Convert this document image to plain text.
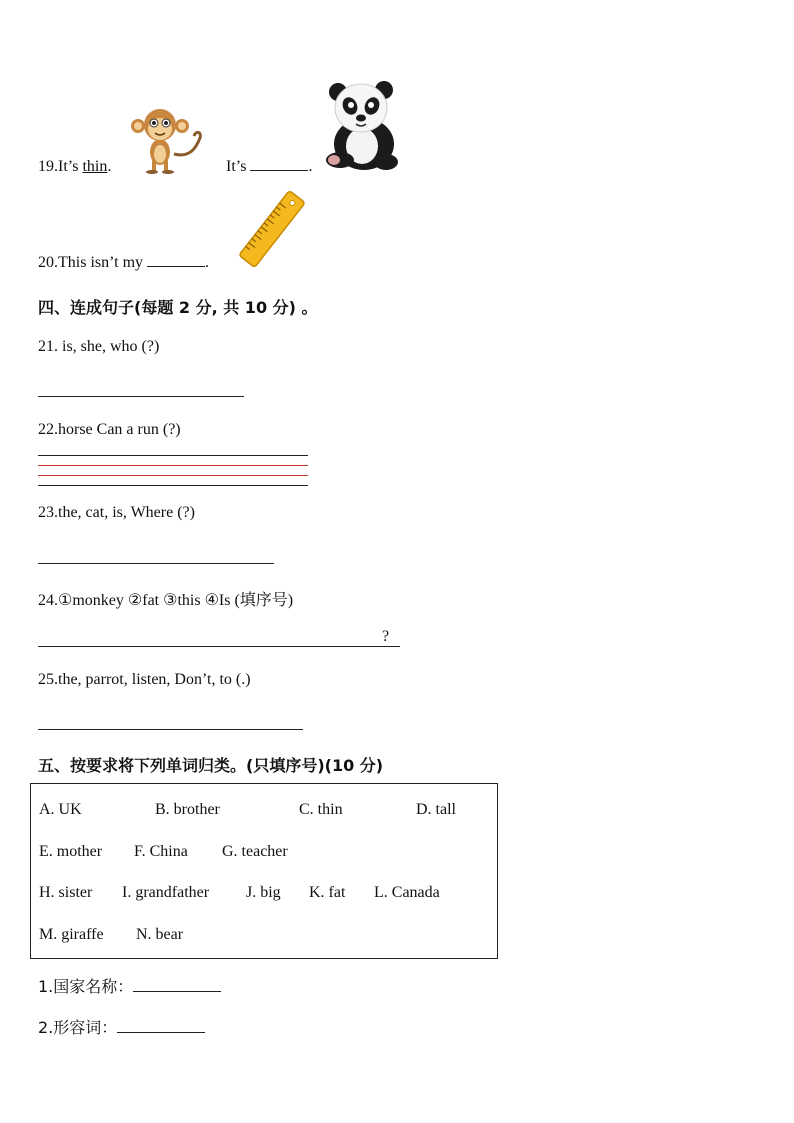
19.It’s thin.	It’s	.
20.This isn’t my	.
四、连成句子(每题 2 分, 共 10 分) 。
21. is, she, who (?)
22.horse Can a run (?)
23.the, cat, is, Where (?)
24.①monkey ②fat ③this ④Is (填序号)
?
25.the, parrot, listen, Don’t, to (.)
五、按要求将下列单词归类。(只填序号)(10 分)
A. UK	B. brother	C. thin	D. tall
E. mother F. China G. teacher
H. sister I. grandfather J. big K. fat L. Canada
M. giraffe N. bear
1.国家名称：
2.形容词：
